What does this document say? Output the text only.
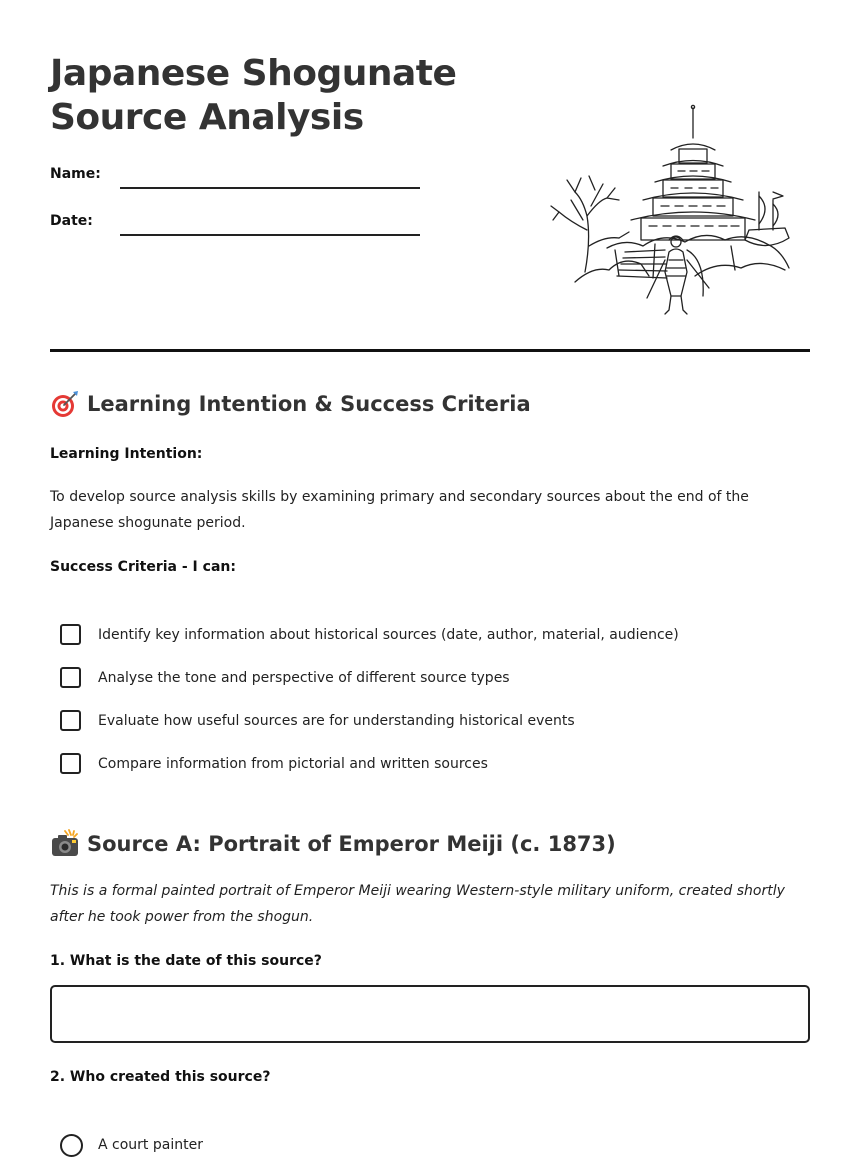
Japanese Shogunate
Source Analysis
Name:
Date:
Learning Intention & Success Criteria
Learning Intention:

To develop source analysis skills by examining primary and secondary sources about the end of the Japanese shogunate period.

Success Criteria - I can:
Identify key information about historical sources (date, author, material, audience)
Analyse the tone and perspective of different source types
Evaluate how useful sources are for understanding historical events
Compare information from pictorial and written sources
Source A: Portrait of Emperor Meiji (c. 1873)

This is a formal painted portrait of Emperor Meiji wearing Western-style military uniform, created shortly after he took power from the shogun.

1. What is the date of this source?
2. Who created this source?
A court painter
